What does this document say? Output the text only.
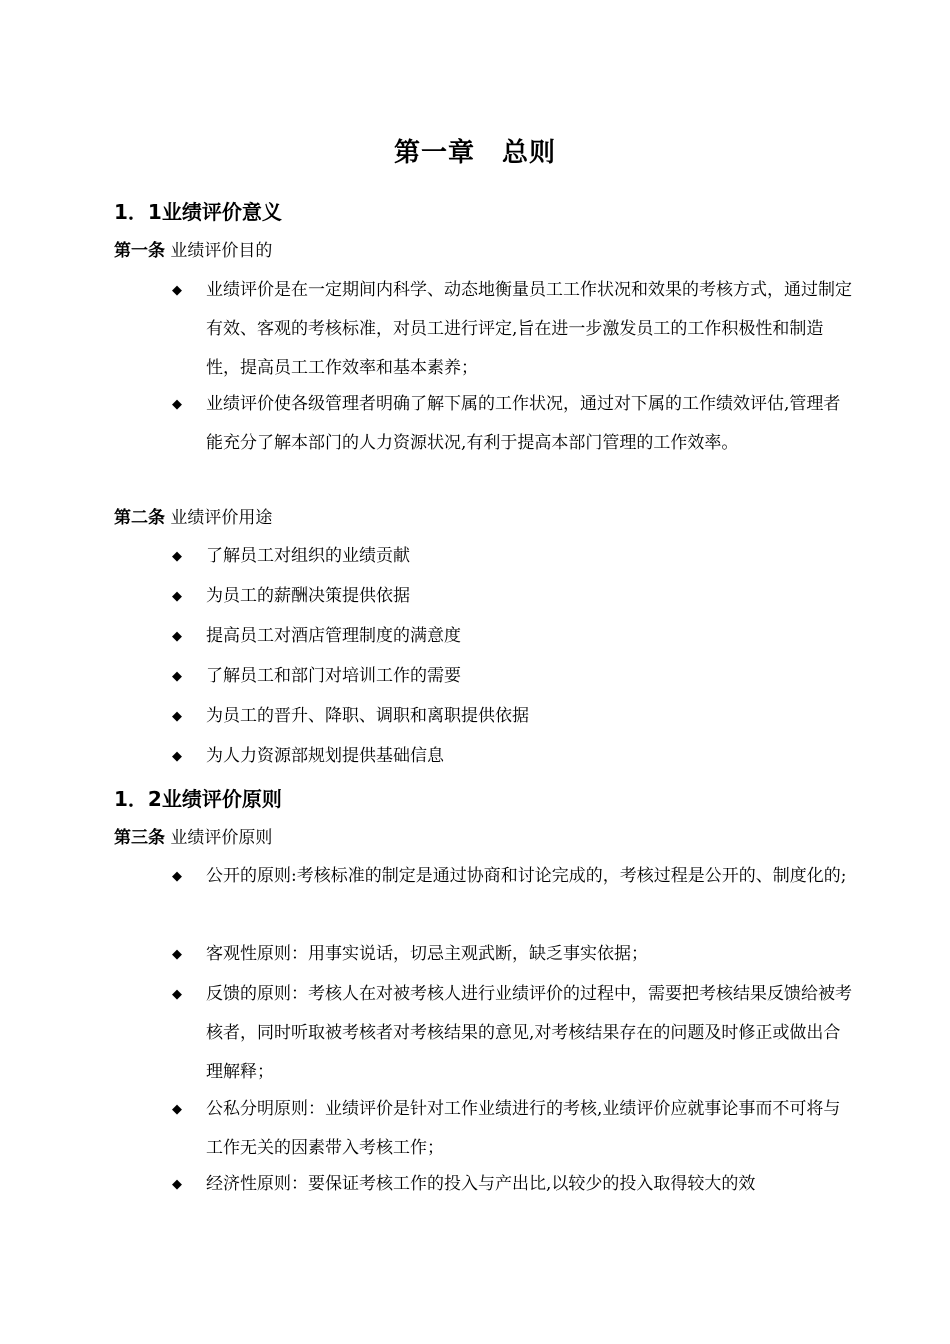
第一章　总则
1．1业绩评价意义
第一条 业绩评价目的
◆	业绩评价是在一定期间内科学、动态地衡量员工工作状况和效果的考核方式，通过制定有效、客观的考核标准，对员工进行评定,旨在进一步激发员工的工作积极性和制造性，提高员工工作效率和基本素养；
◆	业绩评价使各级管理者明确了解下属的工作状况，通过对下属的工作绩效评估,管理者能充分了解本部门的人力资源状况,有利于提高本部门管理的工作效率。
第二条 业绩评价用途
◆	了解员工对组织的业绩贡献
◆	为员工的薪酬决策提供依据
◆	提高员工对酒店管理制度的满意度
◆	了解员工和部门对培训工作的需要
◆	为员工的晋升、降职、调职和离职提供依据
◆	为人力资源部规划提供基础信息
1．2业绩评价原则
第三条 业绩评价原则
◆	公开的原则:考核标准的制定是通过协商和讨论完成的，考核过程是公开的、制度化的;
◆	客观性原则：用事实说话，切忌主观武断，缺乏事实依据；
◆	反馈的原则：考核人在对被考核人进行业绩评价的过程中，需要把考核结果反馈给被考核者，同时听取被考核者对考核结果的意见,对考核结果存在的问题及时修正或做出合理解释；
◆	公私分明原则：业绩评价是针对工作业绩进行的考核,业绩评价应就事论事而不可将与工作无关的因素带入考核工作；
◆	经济性原则：要保证考核工作的投入与产出比,以较少的投入取得较大的效
